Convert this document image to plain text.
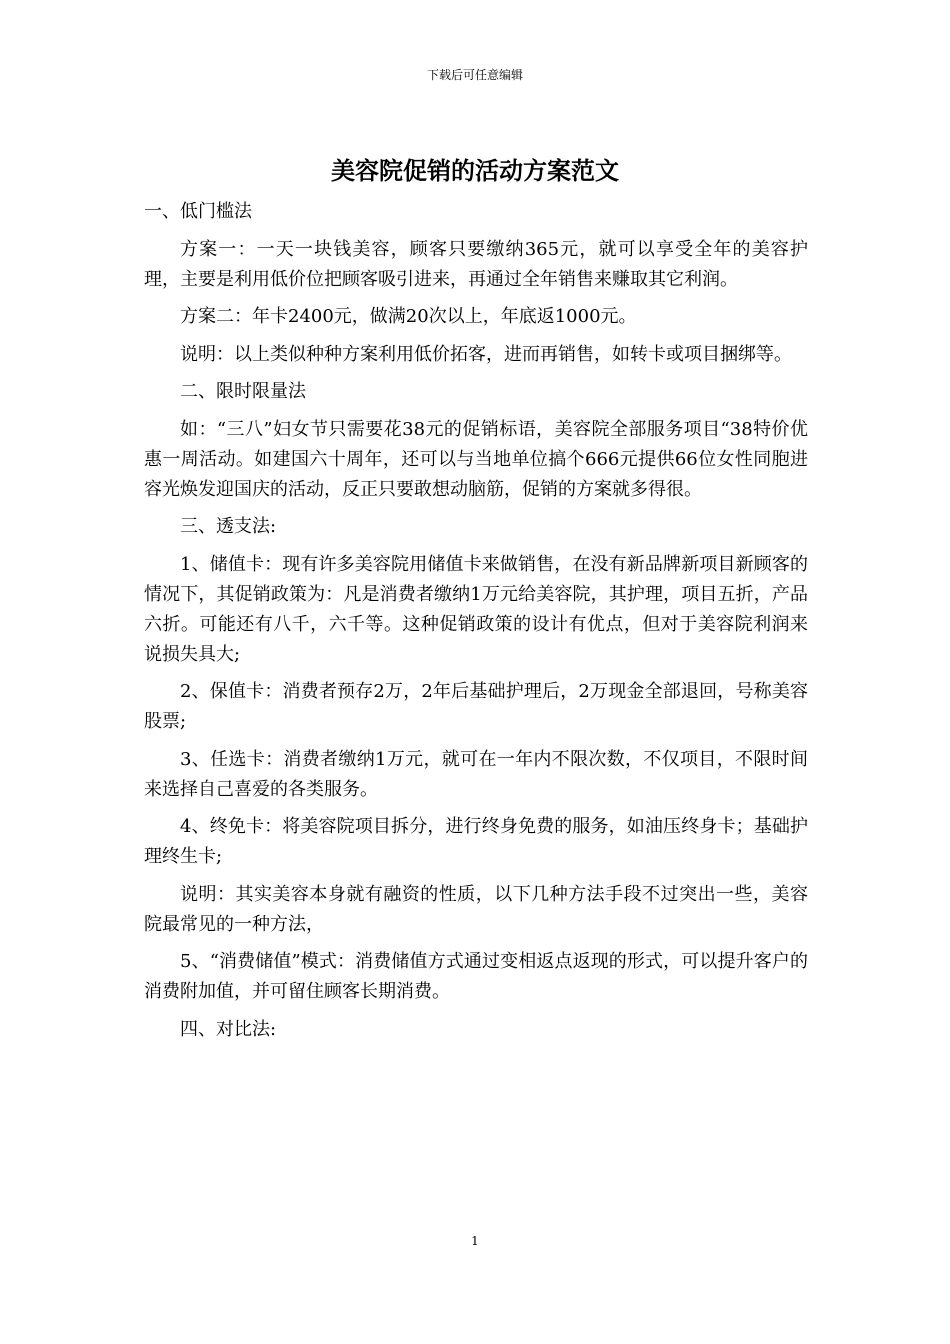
下载后可任意编辑
美容院促销的活动方案范文

一、低门槛法

方案一：一天一块钱美容，顾客只要缴纳365元，就可以享受全年的美容护理，主要是利用低价位把顾客吸引进来，再通过全年销售来赚取其它利润。

方案二：年卡2400元，做满20次以上，年底返1000元。

说明：以上类似种种方案利用低价拓客，进而再销售，如转卡或项目捆绑等。

二、限时限量法

如：“三八”妇女节只需要花38元的促销标语，美容院全部服务项目“38特价优惠一周活动。如建国六十周年，还可以与当地单位搞个666元提供66位女性同胞进容光焕发迎国庆的活动，反正只要敢想动脑筋，促销的方案就多得很。

三、透支法:

1、储值卡：现有许多美容院用储值卡来做销售，在没有新品牌新项目新顾客的情况下，其促销政策为：凡是消费者缴纳1万元给美容院，其护理，项目五折，产品六折。可能还有八千，六千等。这种促销政策的设计有优点，但对于美容院利润来说损失具大;

2、保值卡：消费者预存2万，2年后基础护理后，2万现金全部退回，号称美容股票;

3、任选卡：消费者缴纳1万元，就可在一年内不限次数，不仅项目，不限时间来选择自己喜爱的各类服务。

4、终免卡：将美容院项目拆分，进行终身免费的服务，如油压终身卡；基础护理终生卡;

说明：其实美容本身就有融资的性质，以下几种方法手段不过突出一些，美容院最常见的一种方法，

5、“消费储值”模式：消费储值方式通过变相返点返现的形式，可以提升客户的消费附加值，并可留住顾客长期消费。

四、对比法:

1
